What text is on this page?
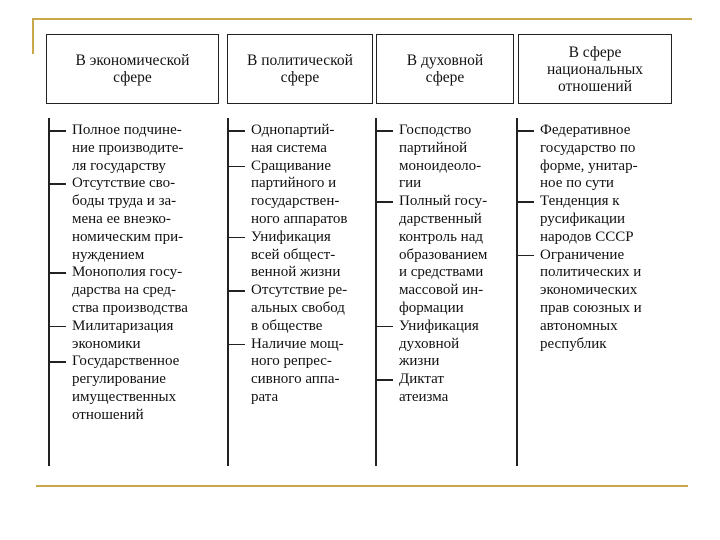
В экономической
сфере
В политической
сфере
В духовной
сфере
В сфере
национальных
отношений
Полное подчине-
ние производите-
ля государству
Отсутствие сво-
боды труда и за-
мена ее внеэко-
номическим при-
нуждением
Монополия госу-
дарства на сред-
ства производства
Милитаризация
экономики
Государственное
регулирование
имущественных
отношений
Однопартий-
ная система
Сращивание
партийного и
государствен-
ного аппаратов
Унификация
всей общест-
венной жизни
Отсутствие ре-
альных свобод
в обществе
Наличие мощ-
ного репрес-
сивного аппа-
рата
Господство
партийной
моноидеоло-
гии
Полный госу-
дарственный
контроль над
образованием
и средствами
массовой ин-
формации
Унификация
духовной
жизни
Диктат
атеизма
Федеративное
государство по
форме, унитар-
ное по сути
Тенденция к
русификации
народов СССР
Ограничение
политических и
экономических
прав союзных и
автономных
республик
